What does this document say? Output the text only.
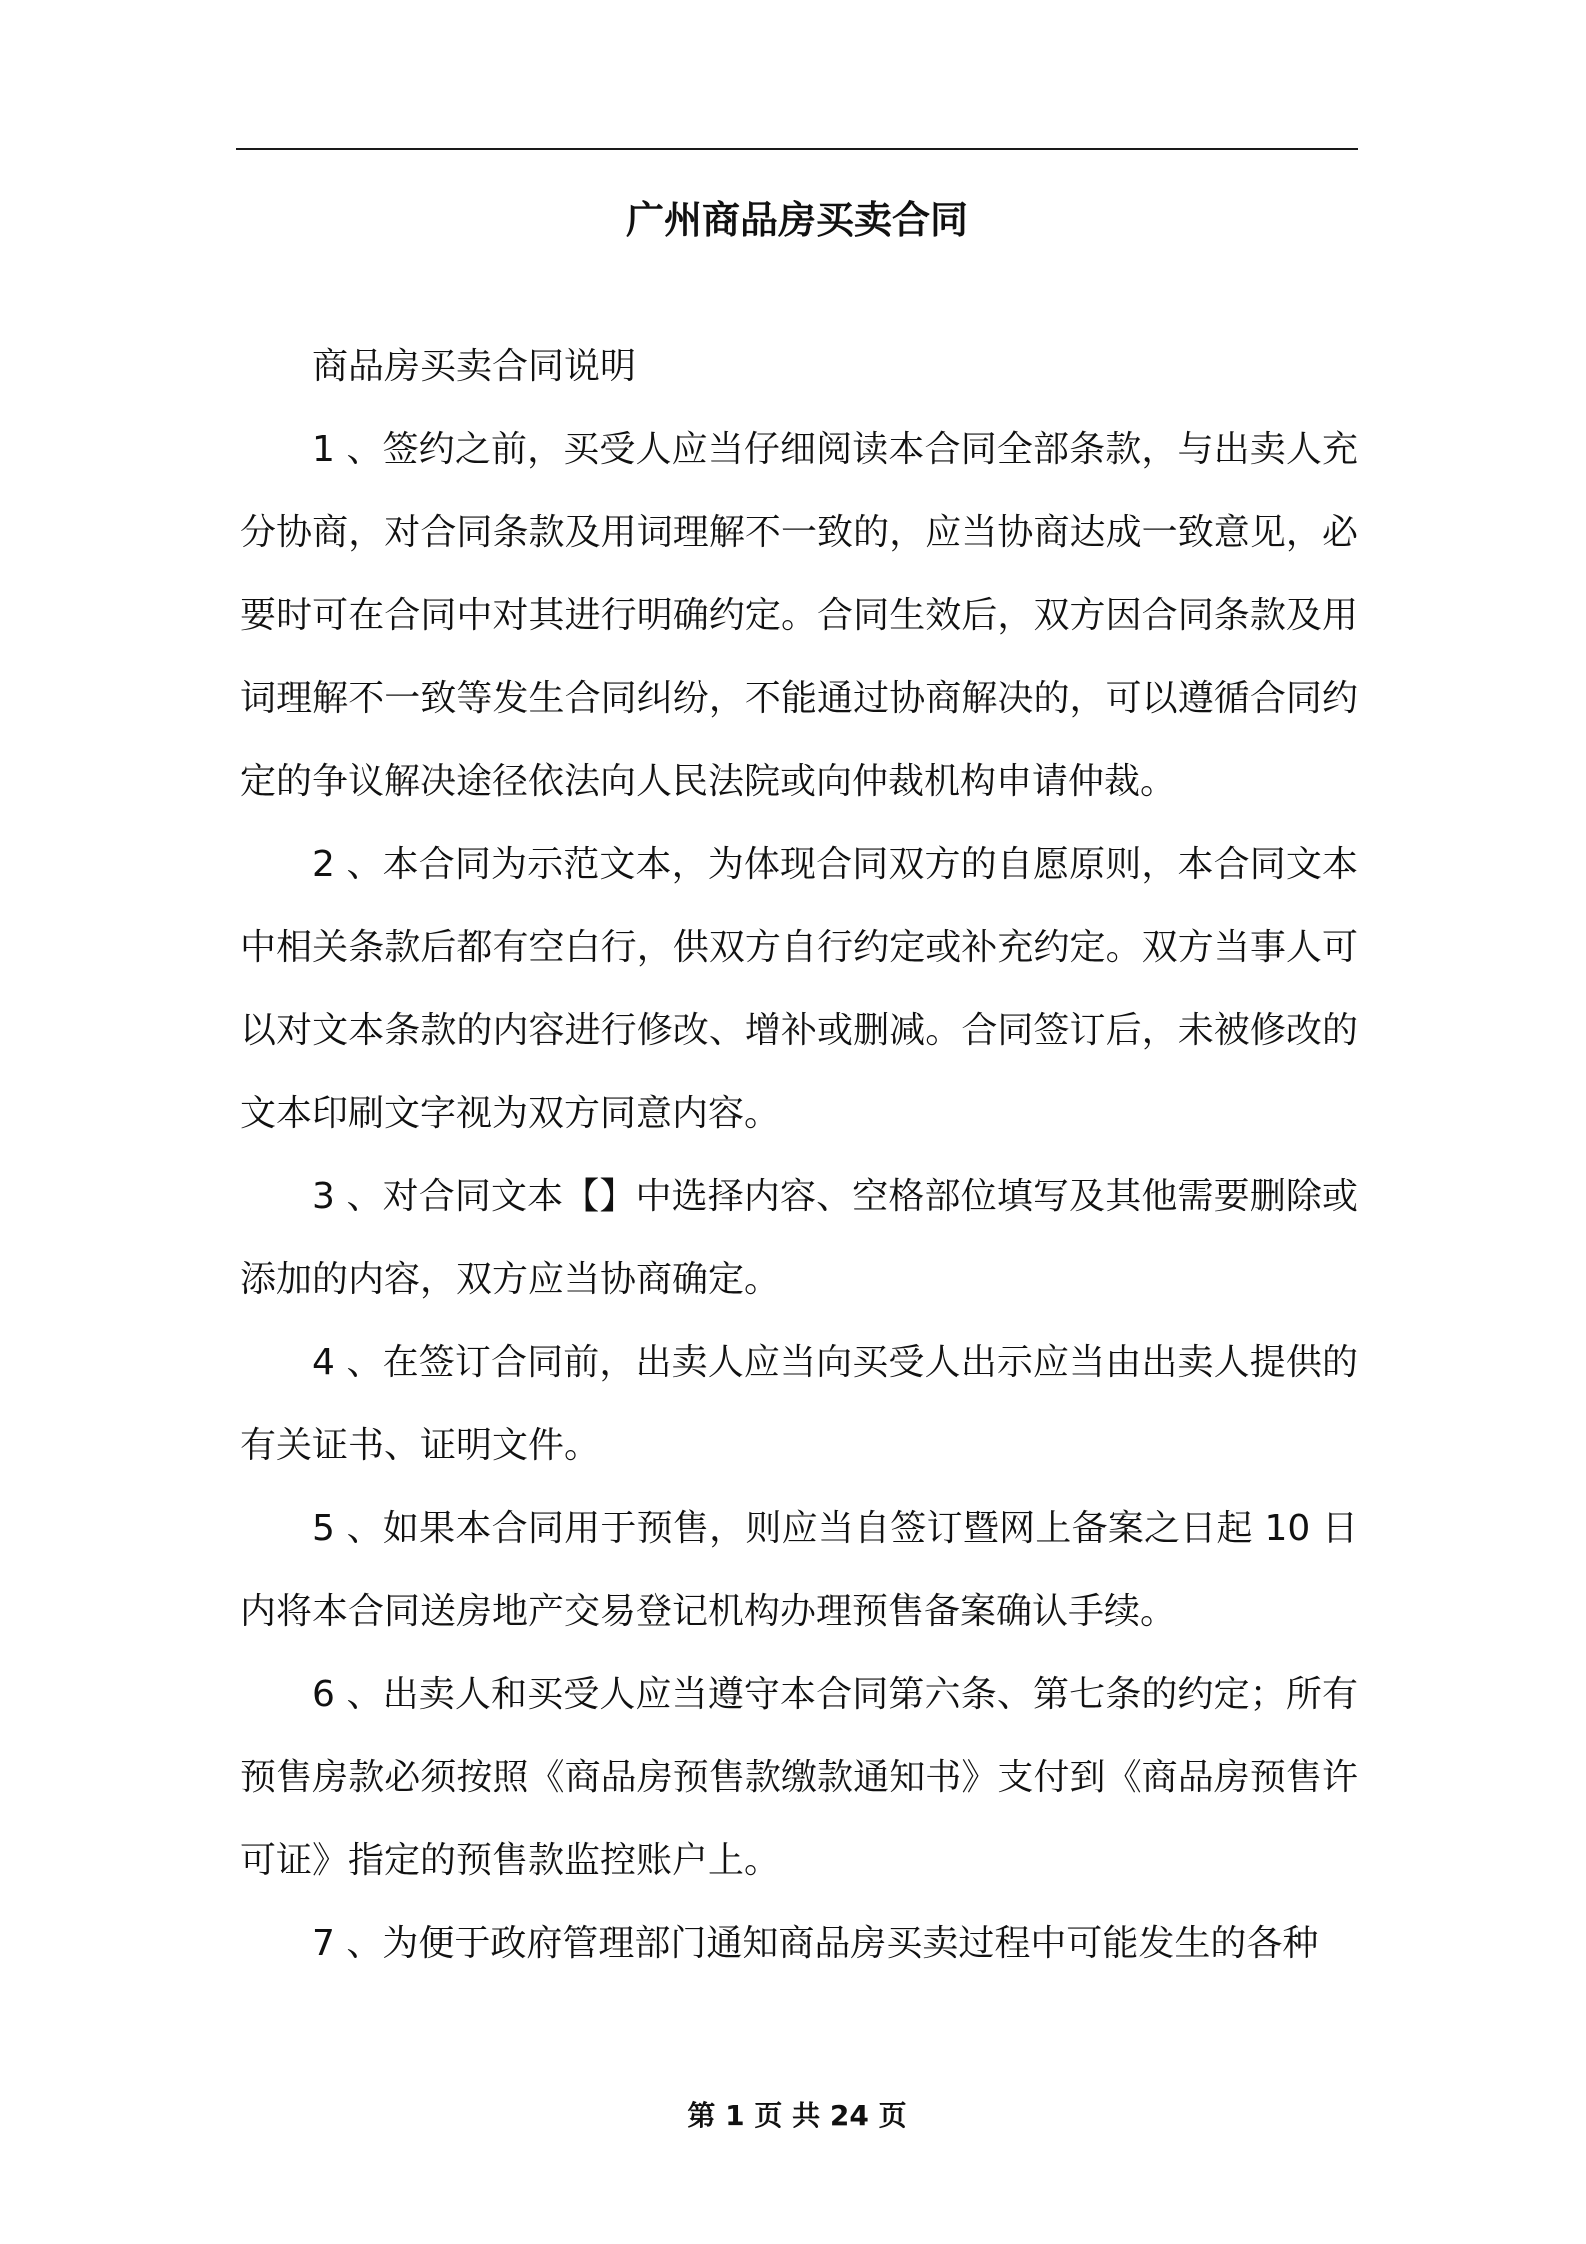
广州商品房买卖合同

商品房买卖合同说明

1 、签约之前，买受人应当仔细阅读本合同全部条款，与出卖人充分协商，对合同条款及用词理解不一致的，应当协商达成一致意见，必要时可在合同中对其进行明确约定。合同生效后，双方因合同条款及用词理解不一致等发生合同纠纷，不能通过协商解决的，可以遵循合同约定的争议解决途径依法向人民法院或向仲裁机构申请仲裁。

2 、本合同为示范文本，为体现合同双方的自愿原则，本合同文本中相关条款后都有空白行，供双方自行约定或补充约定。双方当事人可以对文本条款的内容进行修改、增补或删减。合同签订后，未被修改的文本印刷文字视为双方同意内容。

3 、对合同文本【】中选择内容、空格部位填写及其他需要删除或添加的内容，双方应当协商确定。

4 、在签订合同前，出卖人应当向买受人出示应当由出卖人提供的有关证书、证明文件。

5 、如果本合同用于预售，则应当自签订暨网上备案之日起 10 日内将本合同送房地产交易登记机构办理预售备案确认手续。

6 、出卖人和买受人应当遵守本合同第六条、第七条的约定；所有预售房款必须按照《商品房预售款缴款通知书》支付到《商品房预售许可证》指定的预售款监控账户上。

7 、为便于政府管理部门通知商品房买卖过程中可能发生的各种

第 1 页 共 24 页
